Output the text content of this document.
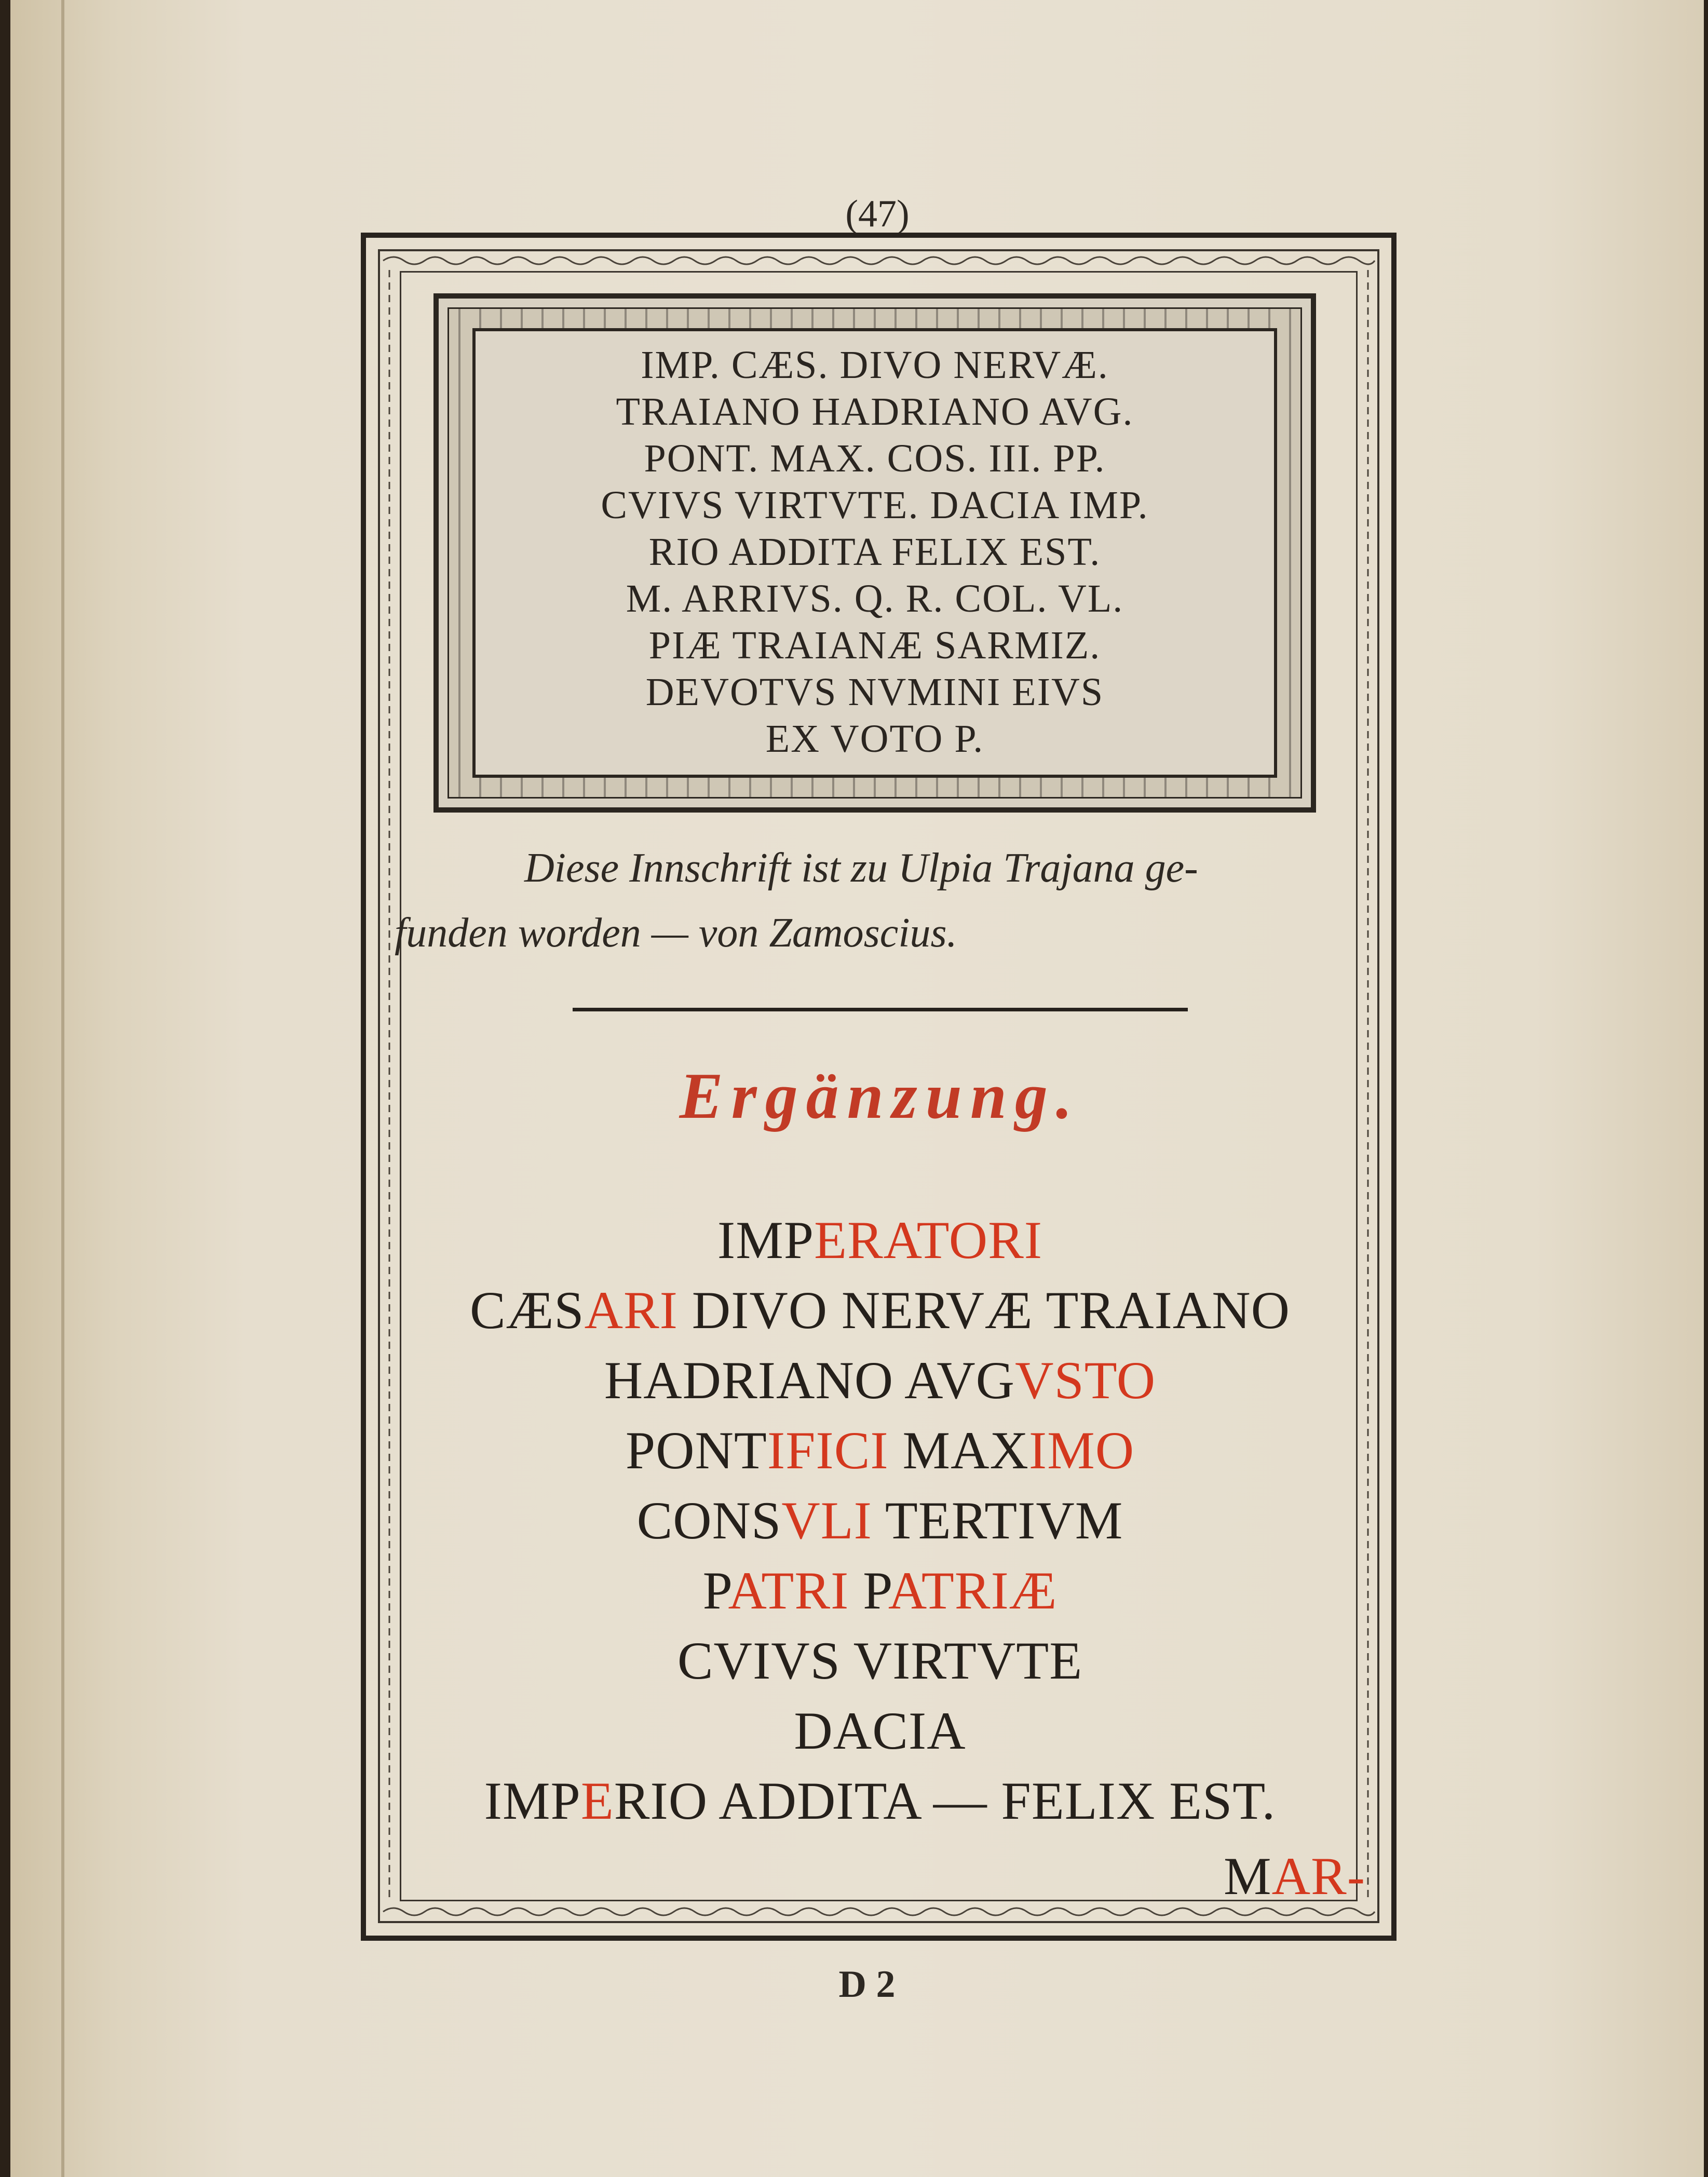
(47)
IMP. CÆS. DIVO NERVÆ.
TRAIANO HADRIANO AVG.
PONT. MAX. COS. III. PP.
CVIVS VIRTVTE. DACIA IMP.
RIO ADDITA FELIX EST.
M. ARRIVS. Q. R. COL. VL.
PIÆ TRAIANÆ SARMIZ.
DEVOTVS NVMINI EIVS
EX VOTO P.
Diese Innschrift ist zu Ulpia Trajana ge-
funden worden — von Zamoscius.
Ergänzung.
IMPERATORI
CÆSARI DIVO NERVÆ TRAIANO
HADRIANO AVGVSTO
PONTIFICI MAXIMO
CONSVLI TERTIVM
PATRI PATRIÆ
CVIVS VIRTVTE
DACIA
IMPERIO ADDITA — FELIX EST.
MAR-
D 2
